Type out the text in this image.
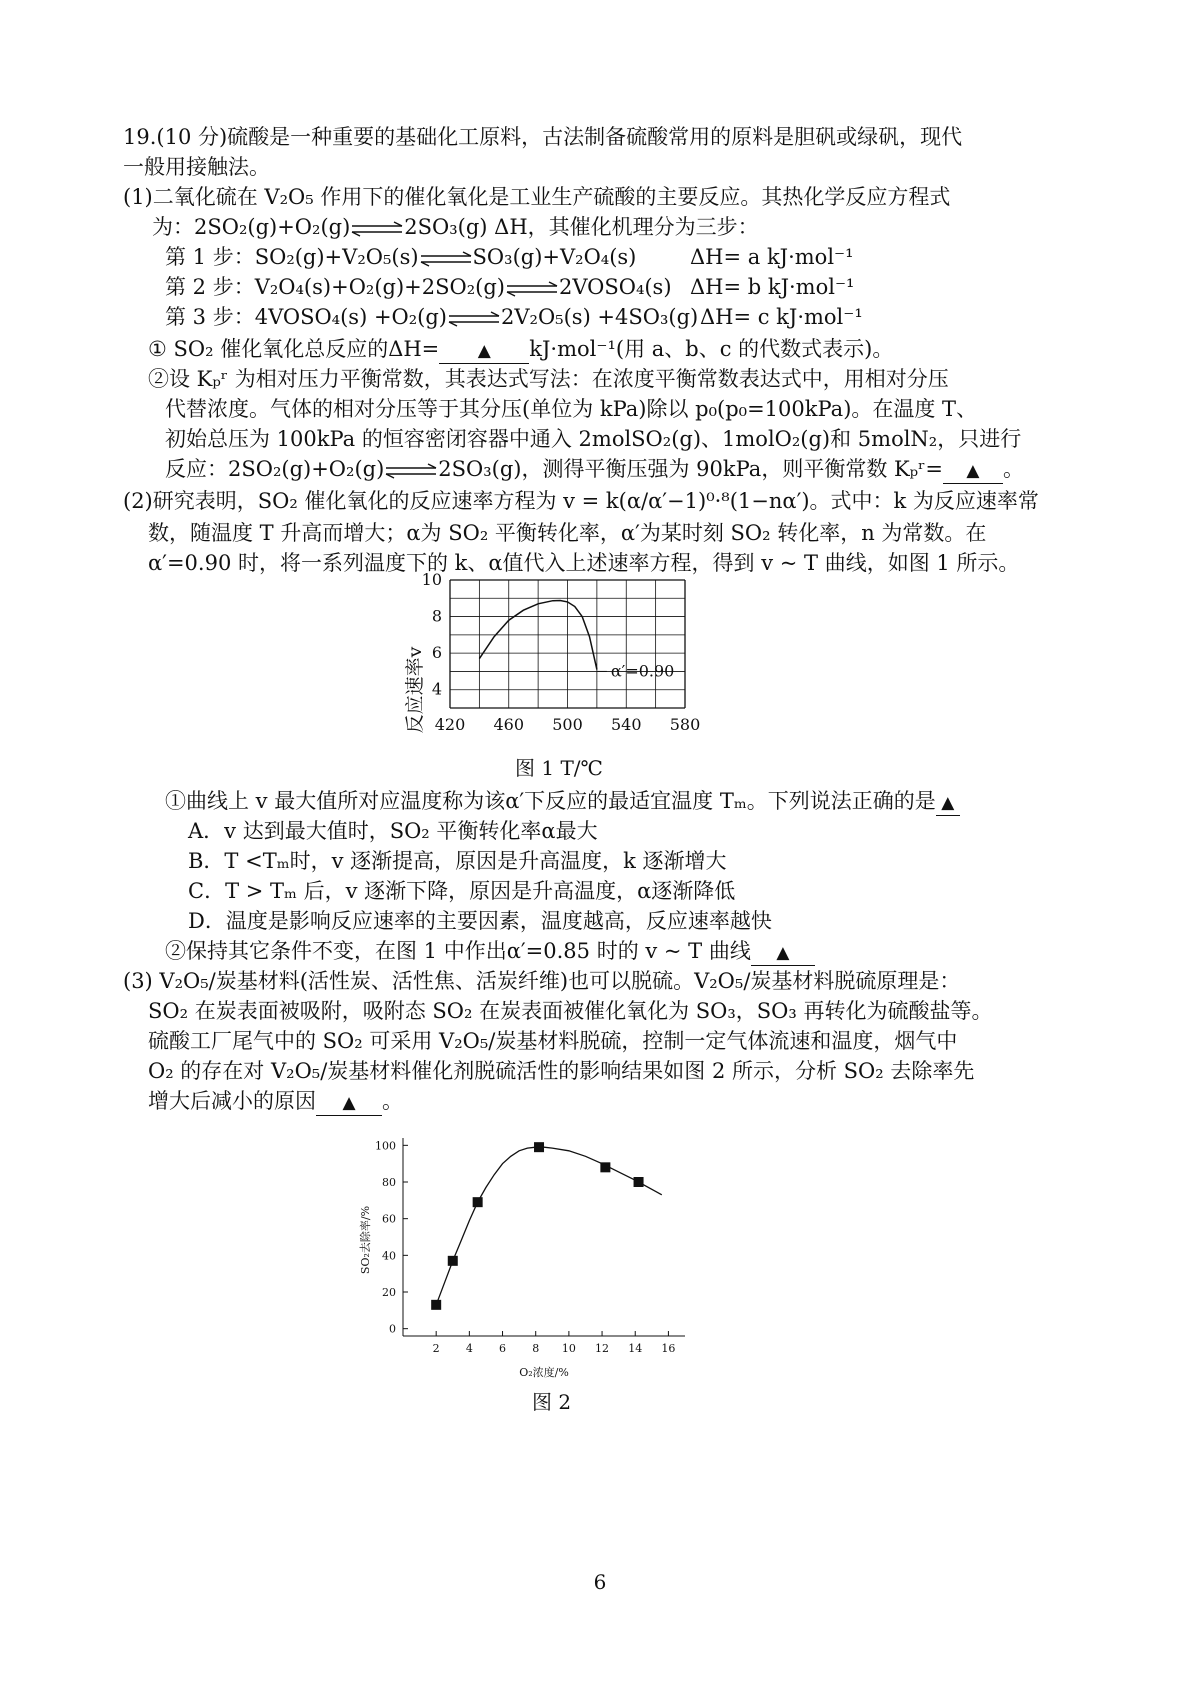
19.(10 分)硫酸是一种重要的基础化工原料，古法制备硫酸常用的原料是胆矾或绿矾，现代
一般用接触法。
(1)二氧化硫在 V₂O₅ 作用下的催化氧化是工业生产硫酸的主要反应。其热化学反应方程式
为：2SO₂(g)+O₂(g)⇌2SO₃(g) ΔH，其催化机理分为三步：
第 1 步：SO₂(g)+V₂O₅(s)⇌SO₃(g)+V₂O₄(s)	ΔH= a kJ·mol⁻¹
第 2 步：V₂O₄(s)+O₂(g)+2SO₂(g)⇌2VOSO₄(s) ΔH= b kJ·mol⁻¹
第 3 步：4VOSO₄(s) +O₂(g)⇌2V₂O₅(s) +4SO₃(g) ΔH= c kJ·mol⁻¹
① SO₂ 催化氧化总反应的ΔH= ▲ kJ·mol⁻¹(用 a、b、c 的代数式表示)。
②设 Kₚʳ 为相对压力平衡常数，其表达式写法：在浓度平衡常数表达式中，用相对分压
代替浓度。气体的相对分压等于其分压(单位为 kPa)除以 p₀(p₀=100kPa)。在温度 T、
初始总压为 100kPa 的恒容密闭容器中通入 2molSO₂(g)、1molO₂(g)和 5molN₂，只进行
反应：2SO₂(g)+O₂(g)⇌2SO₃(g)，测得平衡压强为 90kPa，则平衡常数 Kₚʳ= ▲ 。
(2)研究表明，SO₂ 催化氧化的反应速率方程为 v = k(α/α′−1)⁰·⁸(1−nα′)。式中：k 为反应速率常
数，随温度 T 升高而增大；α为 SO₂ 平衡转化率，α′为某时刻 SO₂ 转化率，n 为常数。在
α′=0.90 时，将一系列温度下的 k、α值代入上述速率方程，得到 v ~ T 曲线，如图 1 所示。
420 460 500 540 580
4
6
8
10
反应速率v	α′=0.90
图 1 T/℃
①曲线上 v 最大值所对应温度称为该α′下反应的最适宜温度 Tₘ。下列说法正确的是 ▲
A．v 达到最大值时，SO₂ 平衡转化率α最大
B．T <Tₘ时，v 逐渐提高，原因是升高温度，k 逐渐增大
C．T > Tₘ 后，v 逐渐下降，原因是升高温度，α逐渐降低
D．温度是影响反应速率的主要因素，温度越高，反应速率越快
②保持其它条件不变，在图 1 中作出α′=0.85 时的 v ~ T 曲线 ▲
(3) V₂O₅/炭基材料(活性炭、活性焦、活炭纤维)也可以脱硫。V₂O₅/炭基材料脱硫原理是：
SO₂ 在炭表面被吸附，吸附态 SO₂ 在炭表面被催化氧化为 SO₃，SO₃ 再转化为硫酸盐等。
硫酸工厂尾气中的 SO₂ 可采用 V₂O₅/炭基材料脱硫，控制一定气体流速和温度，烟气中
O₂ 的存在对 V₂O₅/炭基材料催化剂脱硫活性的影响结果如图 2 所示，分析 SO₂ 去除率先
增大后减小的原因 ▲ 。
0
20
40
60
80
100
2 4 6 8 10 12 14 16
SO₂去除率/%
O₂浓度/%
图 2
6
